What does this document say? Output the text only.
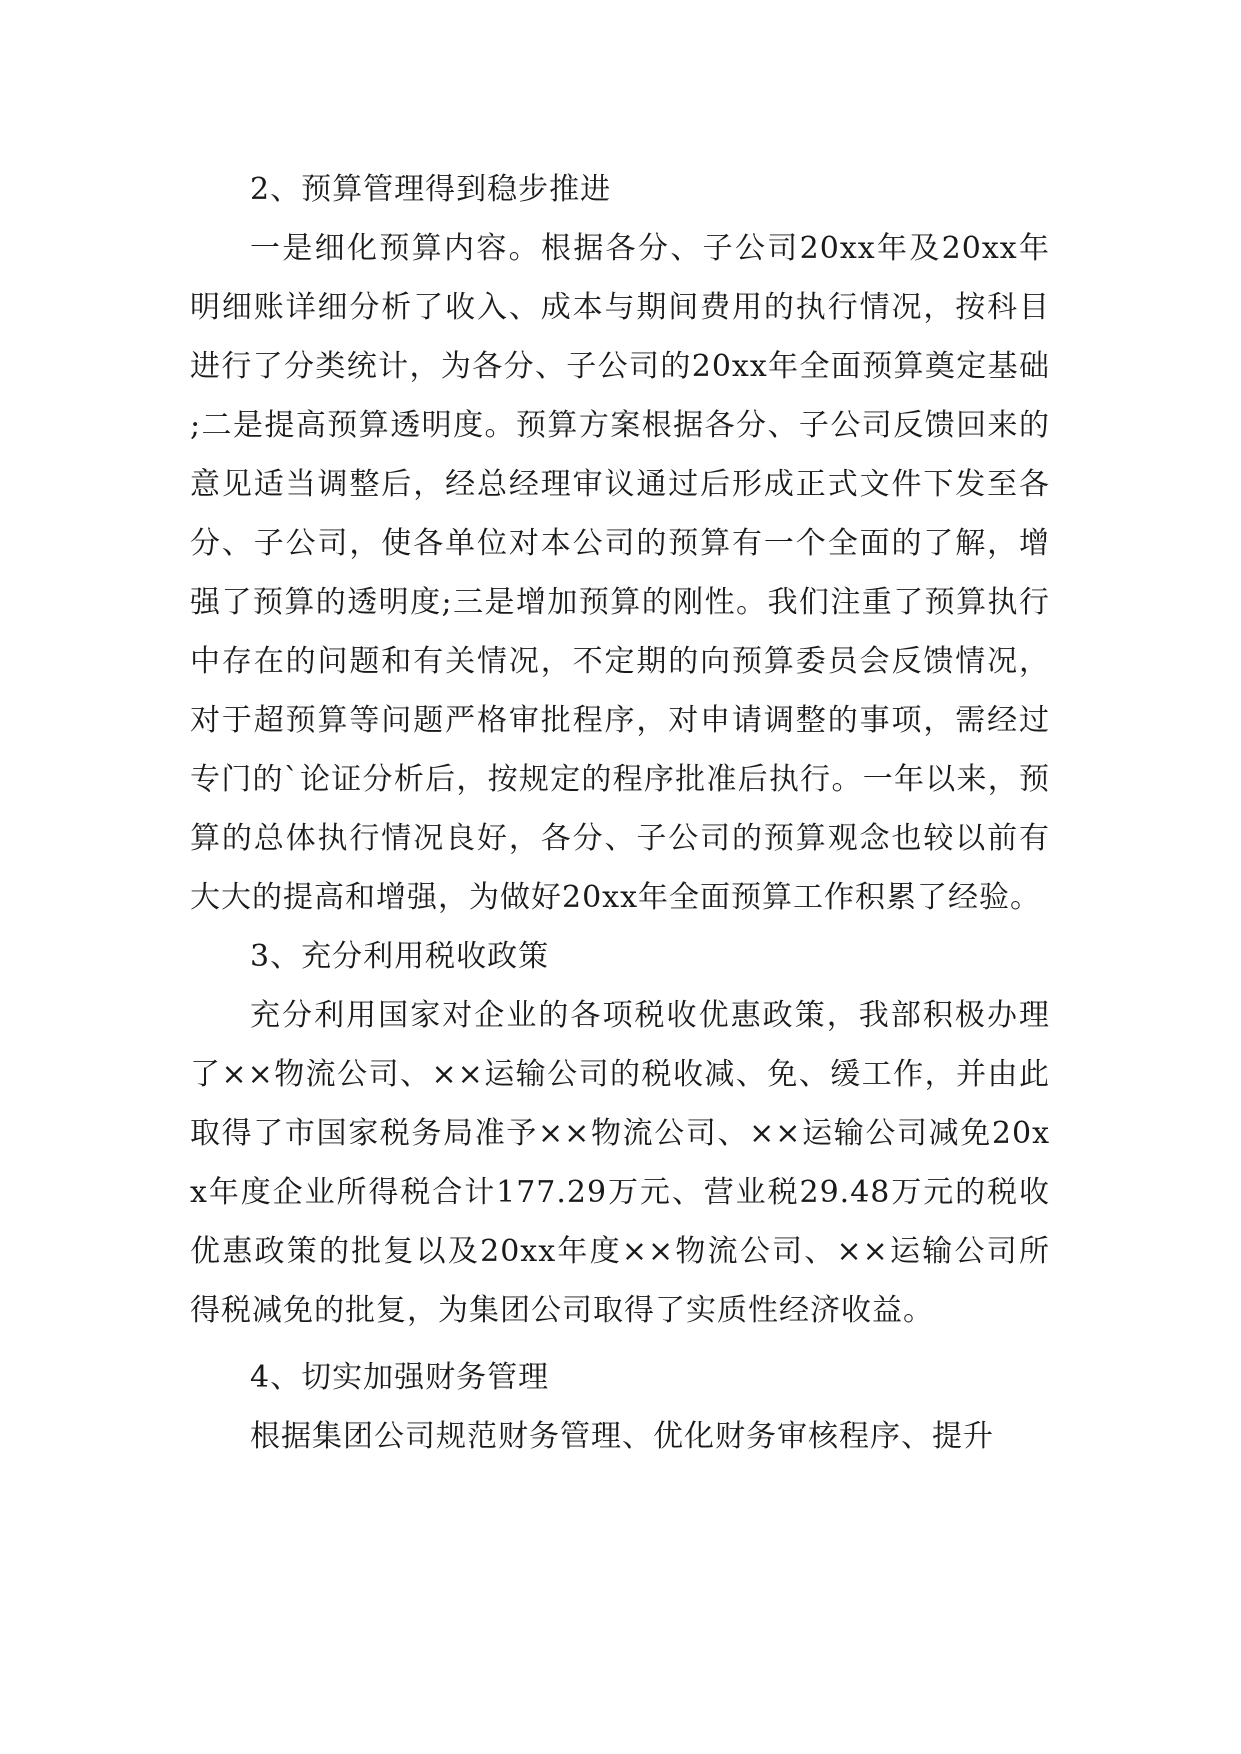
2、预算管理得到稳步推进

一是细化预算内容。根据各分、子公司20xx年及20xx年明细账详细分析了收入、成本与期间费用的执行情况，按科目进行了分类统计，为各分、子公司的20xx年全面预算奠定基础;二是提高预算透明度。预算方案根据各分、子公司反馈回来的意见适当调整后，经总经理审议通过后形成正式文件下发至各分、子公司，使各单位对本公司的预算有一个全面的了解，增强了预算的透明度;三是增加预算的刚性。我们注重了预算执行中存在的问题和有关情况，不定期的向预算委员会反馈情况，对于超预算等问题严格审批程序，对申请调整的事项，需经过专门的`论证分析后，按规定的程序批准后执行。一年以来，预算的总体执行情况良好，各分、子公司的预算观念也较以前有大大的提高和增强，为做好20xx年全面预算工作积累了经验。

3、充分利用税收政策

充分利用国家对企业的各项税收优惠政策，我部积极办理了××物流公司、××运输公司的税收减、免、缓工作，并由此取得了市国家税务局准予××物流公司、××运输公司减免20xx年度企业所得税合计177.29万元、营业税29.48万元的税收优惠政策的批复以及20xx年度××物流公司、××运输公司所得税减免的批复，为集团公司取得了实质性经济收益。

4、切实加强财务管理

根据集团公司规范财务管理、优化财务审核程序、提升
